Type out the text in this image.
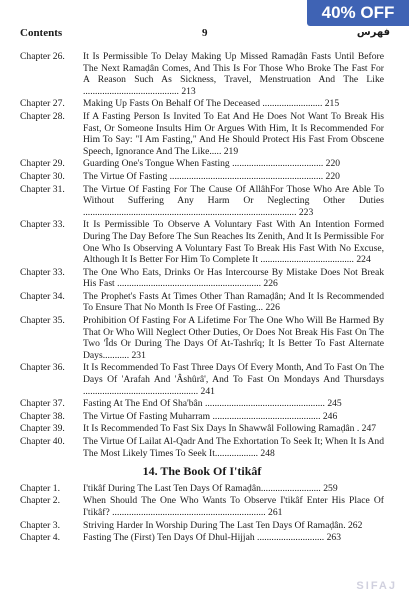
40% OFF
Contents	9	فهرس
Chapter 26.	It Is Permissible To Delay Making Up Missed Ramaḍân Fasts Until Before The Next Ramaḍân Comes, And This Is For Those Who Broke The Fast For A Reason Such As Sickness, Travel, Menstruation And The Like ........................................ 213
Chapter 27.	Making Up Fasts On Behalf Of The Deceased ......................... 215
Chapter 28.	If A Fasting Person Is Invited To Eat And He Does Not Want To Break His Fast, Or Someone Insults Him Or Argues With Him, It Is Recommended For Him To Say: "I Am Fasting," And He Should Protect His Fast From Obscene Speech, Ignorance And The Like..... 219
Chapter 29.	Guarding One's Tongue When Fasting ...................................... 220
Chapter 30.	The Virtue Of Fasting ................................................................ 220
Chapter 31.	The Virtue Of Fasting For The Cause Of AllâhFor Those Who Are Able To Without Suffering Any Harm Or Neglecting Other Duties ......................................................................................... 223
Chapter 33.	It Is Permissible To Observe A Voluntary Fast With An Intention Formed During The Day Before The Sun Reaches Its Zenith, And It Is Permissible For One Who Is Observing A Voluntary Fast To Break His Fast With No Excuse, Although It Is Better For Him To Complete It ....................................... 224
Chapter 33.	The One Who Eats, Drinks Or Has Intercourse By Mistake Does Not Break His Fast ............................................................ 226
Chapter 34.	The Prophet's Fasts At Times Other Than Ramaḍân; And It Is Recommended To Ensure That No Month Is Free Of Fasting... 226
Chapter 35.	Prohibition Of Fasting For A Lifetime For The One Who Will Be Harmed By That Or Who Will Neglect Other Duties, Or Does Not Break His Fast On The Two 'Îds Or During The Days Of At-Tashrîq; It Is Better To Fast Alternate Days........... 231
Chapter 36.	It Is Recommended To Fast Three Days Of Every Month, And To Fast On The Days Of 'Arafah And 'Âshûrâ', And To Fast On Mondays And Thursdays ................................................ 241
Chapter 37.	Fasting At The End Of Sha'bân .................................................. 245
Chapter 38.	The Virtue Of Fasting Muharram ............................................. 246
Chapter 39.	It Is Recommended To Fast Six Days In Shawwâl Following Ramaḍân . 247
Chapter 40.	The Virtue Of Lailat Al-Qadr And The Exhortation To Seek It; When It Is And The Most Likely Times To Seek It.................. 248
14. The Book Of I'tikâf
Chapter 1.	I'tikâf During The Last Ten Days Of Ramaḍân......................... 259
Chapter 2.	When Should The One Who Wants To Observe I'tikâf Enter His Place Of I'tikâf? ................................................................ 261
Chapter 3.	Striving Harder In Worship During The Last Ten Days Of Ramaḍân. 262
Chapter 4.	Fasting The (First) Ten Days Of Dhul-Hijjah ............................ 263
SIFAJ
